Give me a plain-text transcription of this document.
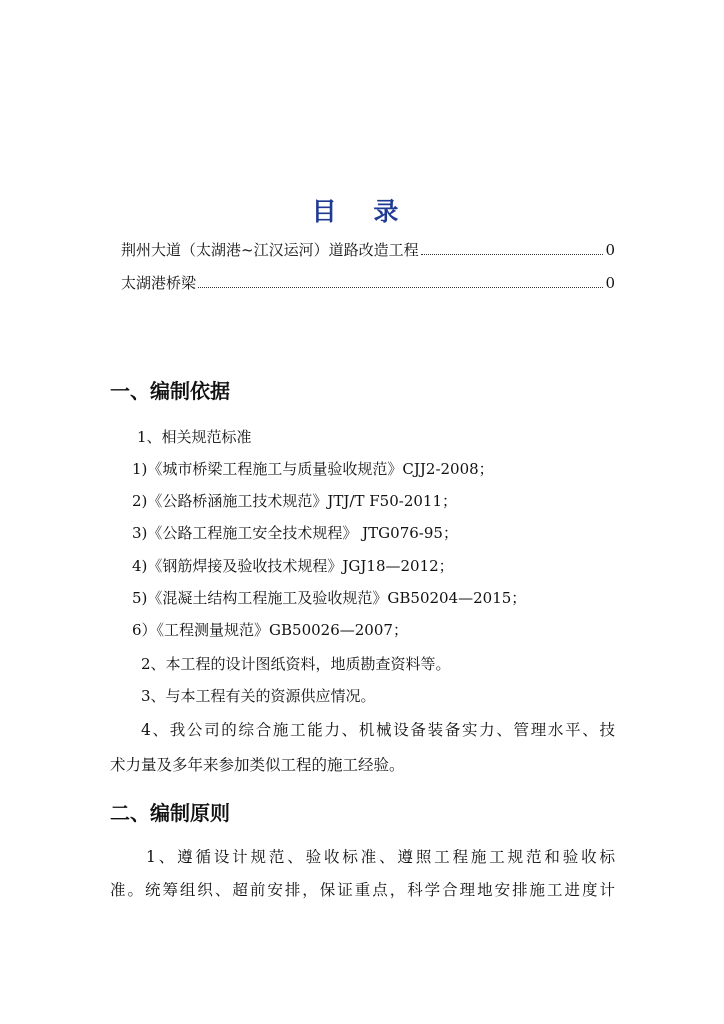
目 录
荆州大道（太湖港~江汉运河）道路改造工程	0
太湖港桥梁	0
一、编制依据
1、相关规范标准
1)《城市桥梁工程施工与质量验收规范》CJJ2-2008；
2)《公路桥涵施工技术规范》JTJ/T F50-2011；
3)《公路工程施工安全技术规程》 JTG076-95；
4)《钢筋焊接及验收技术规程》JGJ18—2012；
5)《混凝土结构工程施工及验收规范》GB50204—2015；
6）《工程测量规范》GB50026—2007；
2、本工程的设计图纸资料，地质勘查资料等。
3、与本工程有关的资源供应情况。
4、我公司的综合施工能力、机械设备装备实力、管理水平、技
术力量及多年来参加类似工程的施工经验。
二、编制原则
1、遵循设计规范、验收标准、遵照工程施工规范和验收标
准。统筹组织、超前安排，保证重点，科学合理地安排施工进度计
